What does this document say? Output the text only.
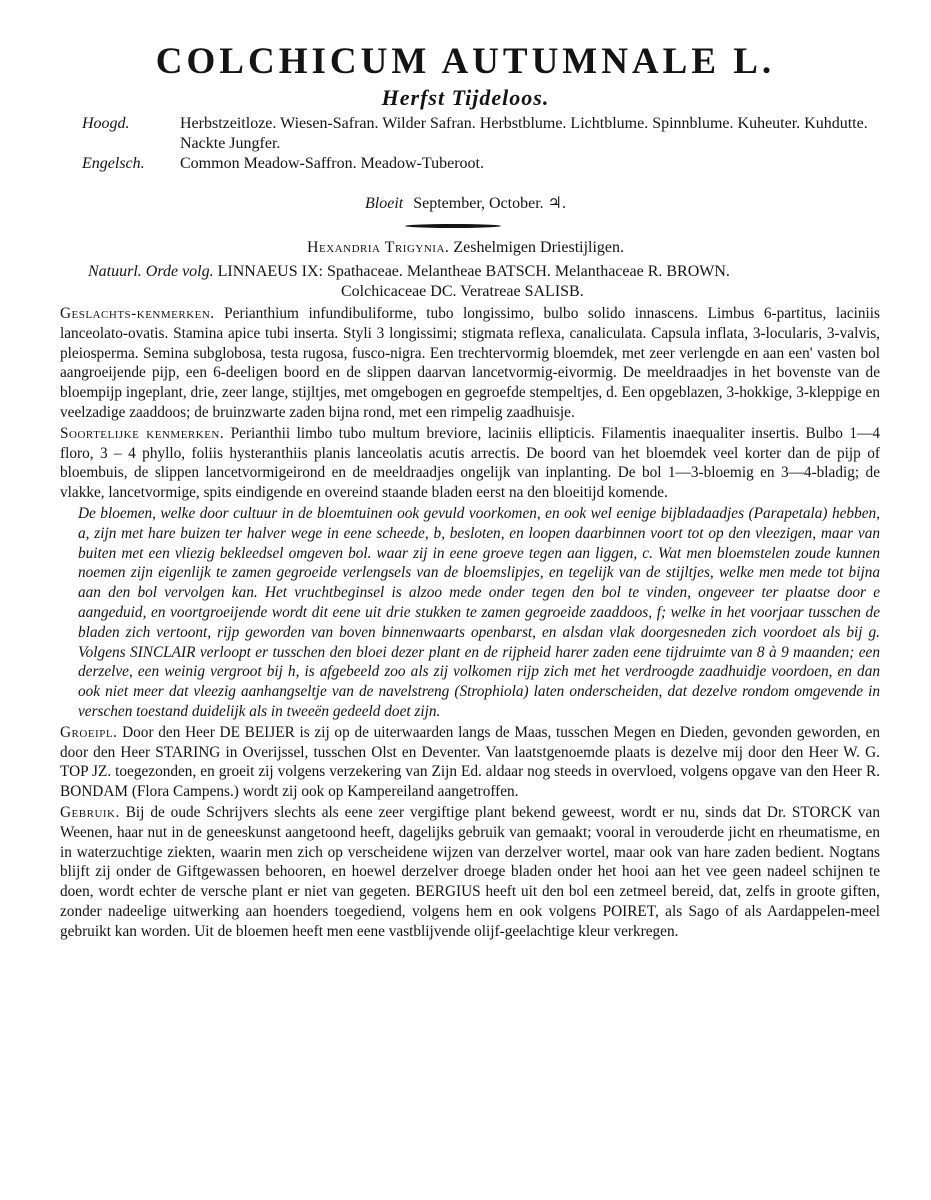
COLCHICUM AUTUMNALE L.
Herfst Tijdeloos.
Hoogd.	Herbstzeitloze. Wiesen-Safran. Wilder Safran. Herbstblume. Lichtblume. Spinnblume. Kuheuter. Kuhdutte. Nackte Jungfer.
Engelsch. Common Meadow-Saffron. Meadow-Tuberoot.
Bloeit September, October. ♃.
Hexandria Trigynia. Zeshelmigen Driestijligen.
Natuurl. Orde volg. LINNAEUS IX: Spathaceae. Melantheae BATSCH. Melanthaceae R. BROWN.
Colchicaceae DC. Veratreae SALISB.

Geslachts-kenmerken. Perianthium infundibuliforme, tubo longissimo, bulbo solido innascens. Limbus 6-partitus, laciniis lanceolato-ovatis. Stamina apice tubi inserta. Styli 3 longissimi; stigmata reflexa, canaliculata. Capsula inflata, 3-locularis, 3-valvis, pleiosperma. Semina subglobosa, testa rugosa, fusco-nigra. Een trechtervormig bloemdek, met zeer verlengde en aan een' vasten bol aangroeijende pijp, een 6-deeligen boord en de slippen daarvan lancetvormig-eivormig. De meeldraadjes in het bovenste van de bloempijp ingeplant, drie, zeer lange, stijltjes, met omgebogen en gegroefde stempeltjes, d. Een opgeblazen, 3-hokkige, 3-kleppige en veelzadige zaaddoos; de bruinzwarte zaden bijna rond, met een rimpelig zaadhuisje.

Soortelijke kenmerken. Perianthii limbo tubo multum breviore, laciniis ellipticis. Filamentis inaequaliter insertis. Bulbo 1—4 floro, 3 – 4 phyllo, foliis hysteranthiis planis lanceolatis acutis arrectis. De boord van het bloemdek veel korter dan de pijp of bloembuis, de slippen lancetvormigeirond en de meeldraadjes ongelijk van inplanting. De bol 1—3-bloemig en 3—4-bladig; de vlakke, lancetvormige, spits eindigende en overeind staande bladen eerst na den bloeitijd komende.

De bloemen, welke door cultuur in de bloemtuinen ook gevuld voorkomen, en ook wel eenige bijbladaadjes (Parapetala) hebben, a, zijn met hare buizen ter halver wege in eene scheede, b, besloten, en loopen daarbinnen voort tot op den vleezigen, maar van buiten met een vliezig bekleedsel omgeven bol. waar zij in eene groeve tegen aan liggen, c. Wat men bloemstelen zoude kunnen noemen zijn eigenlijk te zamen gegroeide verlengsels van de bloemslipjes, en tegelijk van de stijltjes, welke men mede tot bijna aan den bol vervolgen kan. Het vruchtbeginsel is alzoo mede onder tegen den bol te vinden, ongeveer ter plaatse door e aangeduid, en voortgroeijende wordt dit eene uit drie stukken te zamen gegroeide zaaddoos, f; welke in het voorjaar tusschen de bladen zich vertoont, rijp geworden van boven binnenwaarts openbarst, en alsdan vlak doorgesneden zich voordoet als bij g. Volgens SINCLAIR verloopt er tusschen den bloei dezer plant en de rijpheid harer zaden eene tijdruimte van 8 à 9 maanden; een derzelve, een weinig vergroot bij h, is afgebeeld zoo als zij volkomen rijp zich met het verdroogde zaadhuidje voordoen, en dan ook niet meer dat vleezig aanhangseltje van de navelstreng (Strophiola) laten onderscheiden, dat dezelve rondom omgevende in verschen toestand duidelijk als in tweeën gedeeld doet zijn.

Groeipl. Door den Heer DE BEIJER is zij op de uiterwaarden langs de Maas, tusschen Megen en Dieden, gevonden geworden, en door den Heer STARING in Overijssel, tusschen Olst en Deventer. Van laatstgenoemde plaats is dezelve mij door den Heer W. G. TOP JZ. toegezonden, en groeit zij volgens verzekering van Zijn Ed. aldaar nog steeds in overvloed, volgens opgave van den Heer R. BONDAM (Flora Campens.) wordt zij ook op Kampereiland aangetroffen.

Gebruik. Bij de oude Schrijvers slechts als eene zeer vergiftige plant bekend geweest, wordt er nu, sinds dat Dr. STORCK van Weenen, haar nut in de geneeskunst aangetoond heeft, dagelijks gebruik van gemaakt; vooral in verouderde jicht en rheumatisme, en in waterzuchtige ziekten, waarin men zich op verscheidene wijzen van derzelver wortel, maar ook van hare zaden bedient. Nogtans blijft zij onder de Giftgewassen behooren, en hoewel derzelver droege bladen onder het hooi aan het vee geen nadeel schijnen te doen, wordt echter de versche plant er niet van gegeten. BERGIUS heeft uit den bol een zetmeel bereid, dat, zelfs in groote giften, zonder nadeelige uitwerking aan hoenders toegediend, volgens hem en ook volgens POIRET, als Sago of als Aardappelen-meel gebruikt kan worden. Uit de bloemen heeft men eene vastblijvende olijf-geelachtige kleur verkregen.
